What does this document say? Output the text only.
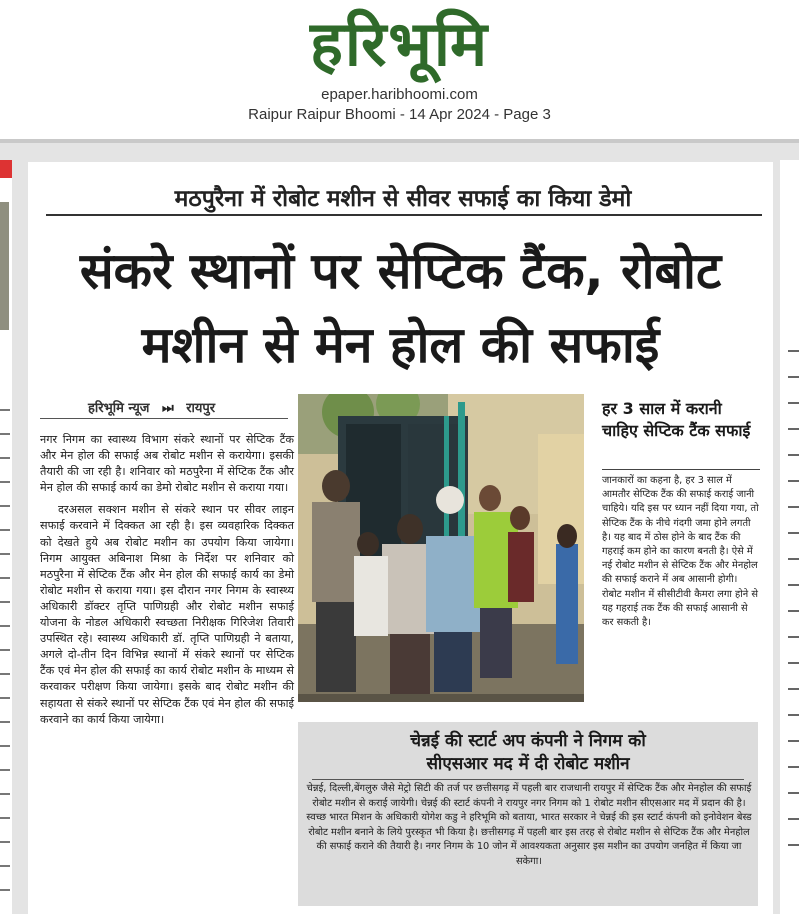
हरिभूमि
epaper.haribhoomi.com
Raipur Raipur Bhoomi - 14 Apr 2024 - Page 3
मठपुरैना में रोबोट मशीन से सीवर सफाई का किया डेमो
संकरे स्थानों पर सेप्टिक टैंक, रोबोट
मशीन से मेन होल की सफाई
हरिभूमि न्यूज ⏭ रायपुर

नगर निगम का स्वास्थ्य विभाग संकरे स्थानों पर सेप्टिक टैंक और मेन होल की सफाई अब रोबोट मशीन से करायेगा। इसकी तैयारी की जा रही है। शनिवार को मठपुरैना में सेप्टिक टैंक और मेन होल की सफाई कार्य का डेमो रोबोट मशीन से कराया गया।

दरअसल सक्शन मशीन से संकरे स्थान पर सीवर लाइन सफाई करवाने में दिक्कत आ रही है। इस व्यवहारिक दिक्कत को देखते हुये अब रोबोट मशीन का उपयोग किया जायेगा। निगम आयुक्त अबिनाश मिश्रा के निर्देश पर शनिवार को मठपुरैना में सेप्टिक टैंक और मेन होल की सफाई कार्य का डेमो रोबोट मशीन से कराया गया। इस दौरान नगर निगम के स्वास्थ्य अधिकारी डॉक्टर तृप्ति पाणिग्रही और रोबोट मशीन सफाई योजना के नोडल अधिकारी स्वच्छता निरीक्षक गिरिजेश तिवारी उपस्थित रहे। स्वास्थ्य अधिकारी डॉ. तृप्ति पाणिग्रही ने बताया, अगले दो-तीन दिन विभिन्न स्थानों में संकरे स्थानों पर सेप्टिक टैंक एवं मेन होल की सफाई का कार्य रोबोट मशीन के माध्यम से करवाकर परीक्षण किया जायेगा। इसके बाद रोबोट मशीन की सहायता से संकरे स्थानों पर सेप्टिक टैंक एवं मेन होल की सफाई करवाने का कार्य किया जायेगा।

हर 3 साल में करानी चाहिए सेप्टिक टैंक सफाई
जानकारों का कहना है, हर 3 साल में आमतौर सेप्टिक टैंक की सफाई कराई जानी चाहिये। यदि इस पर ध्यान नहीं दिया गया, तो सेप्टिक टैंक के नीचे गंदगी जमा होने लगती है। यह बाद में ठोस होने के बाद टैंक की गहराई कम होने का कारण बनती है। ऐसे में नई रोबोट मशीन से सेप्टिक टैंक और मेनहोल की सफाई कराने में अब आसानी होगी। रोबोट मशीन में सीसीटीवी कैमरा लगा होने से यह गहराई तक टैंक की सफाई आसानी से कर सकती है।
चेन्नई की स्टार्ट अप कंपनी ने निगम को
सीएसआर मद में दी रोबोट मशीन
चेन्नई, दिल्ली,बेंगलुरु जैसे मेट्रो सिटी की तर्ज पर छत्तीसगढ़ में पहली बार राजधानी रायपुर में सेप्टिक टैंक और मेनहोल की सफाई रोबोट मशीन से कराई जायेगी। चेन्नई की स्टार्ट कंपनी ने रायपुर नगर निगम को 1 रोबोट मशीन सीएसआर मद में प्रदान की है। स्वच्छ भारत मिशन के अधिकारी योगेश कडु ने हरिभूमि को बताया, भारत सरकार ने चेन्नई की इस स्टार्ट कंपनी को इनोवेशन बेस्ड रोबोट मशीन बनाने के लिये पुरस्कृत भी किया है। छत्तीसगढ़ में पहली बार इस तरह से रोबोट मशीन से सेप्टिक टैंक और मेनहोल की सफाई कराने की तैयारी है। नगर निगम के 10 जोन में आवश्यकता अनुसार इस मशीन का उपयोग जनहित में किया जा सकेगा।
